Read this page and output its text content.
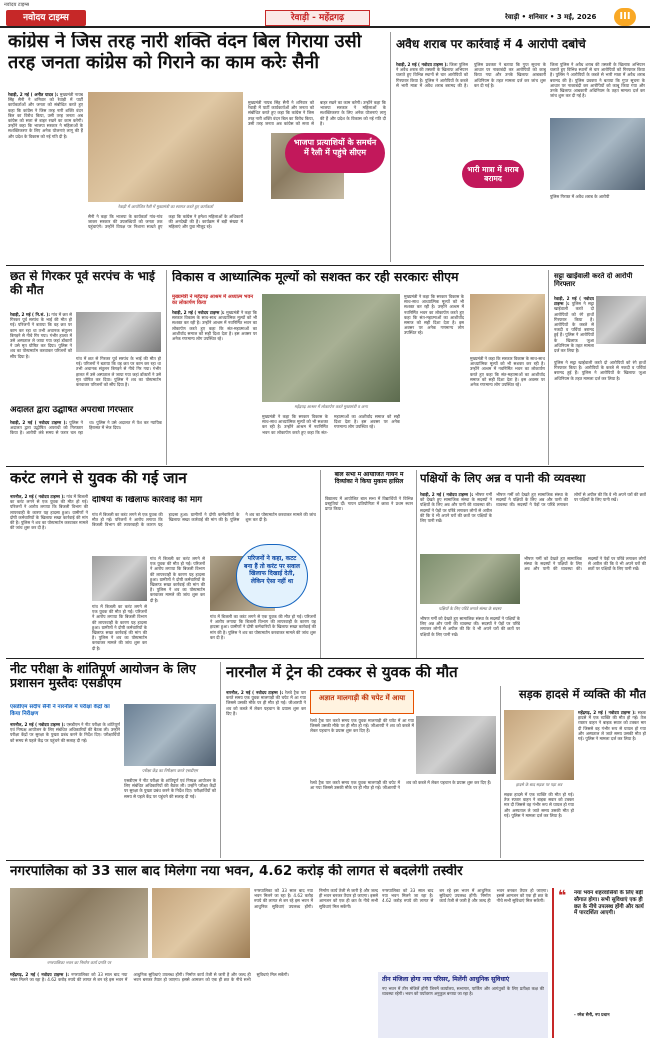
नवोदय टाइम्स
नवोदय टाइम्स	रेवाड़ी - महेंद्रगढ़	रेवाड़ी • शनिवार • 3 मई, 2026	III
कांग्रेस ने जिस तरह नारी शक्ति वंदन बिल गिराया उसी तरह जनता कांग्रेस को गिराने का काम करेः सैनी
रेवाड़ी, 2 मई ( अनीत यादव ): मुख्यमंत्री नायब सिंह सैनी ने शनिवार को रेवाड़ी में पार्टी कार्यकर्ताओं और जनता को संबोधित करते हुए कहा कि कांग्रेस ने जिस तरह नारी शक्ति वंदन बिल का विरोध किया, उसी तरह जनता अब कांग्रेस को सत्ता से बाहर रखने का काम करेगी। उन्होंने कहा कि भाजपा सरकार ने महिलाओं के सशक्तिकरण के लिए अनेक योजनाएं लागू की हैं और प्रदेश के विकास को नई गति दी है।
रेवाड़ी में आयोजित रैली में मुख्यमंत्री का स्वागत करते हुए कार्यकर्ता
सैनी ने कहा कि भाजपा के कार्यकर्ता गांव-गांव जाकर सरकार की उपलब्धियों को जनता तक पहुंचाएंगे। उन्होंने विपक्ष पर निशाना साधते हुए कहा कि कांग्रेस ने हमेशा महिलाओं के अधिकारों की अनदेखी की है। कार्यक्रम में बड़ी संख्या में महिलाएं और युवा मौजूद रहे।
मुख्यमंत्री नायब सिंह सैनी ने शनिवार को रेवाड़ी में पार्टी कार्यकर्ताओं और जनता को संबोधित करते हुए कहा कि कांग्रेस ने जिस तरह नारी शक्ति वंदन बिल का विरोध किया, उसी तरह जनता अब कांग्रेस को सत्ता से बाहर रखने का काम करेगी। उन्होंने कहा कि भाजपा सरकार ने महिलाओं के सशक्तिकरण के लिए अनेक योजनाएं लागू की हैं और प्रदेश के विकास को नई गति दी है।
भाजपा प्रत्याशियों के समर्थन में रैली में पहुंचे सीएम
अवैध शराब पर कार्रवाई में 4 आरोपी दबोचे
रेवाड़ी, 2 मई ( नवोदय टाइम्स ): जिला पुलिस ने अवैध शराब की तस्करी के खिलाफ अभियान चलाते हुए विभिन्न स्थानों से चार आरोपियों को गिरफ्तार किया है। पुलिस ने आरोपियों के कब्जे से भारी मात्रा में अवैध शराब बरामद की है। पुलिस प्रवक्ता ने बताया कि गुप्त सूचना के आधार पर नाकाबंदी कर आरोपियों को काबू किया गया और उनके खिलाफ आबकारी अधिनियम के तहत मामला दर्ज कर जांच शुरू कर दी गई है।
भारी मात्रा में शराब बरामद
जिला पुलिस ने अवैध शराब की तस्करी के खिलाफ अभियान चलाते हुए विभिन्न स्थानों से चार आरोपियों को गिरफ्तार किया है। पुलिस ने आरोपियों के कब्जे से भारी मात्रा में अवैध शराब बरामद की है। पुलिस प्रवक्ता ने बताया कि गुप्त सूचना के आधार पर नाकाबंदी कर आरोपियों को काबू किया गया और उनके खिलाफ आबकारी अधिनियम के तहत मामला दर्ज कर जांच शुरू कर दी गई है।
पुलिस गिरफ्त में अवैध शराब के आरोपी
छत से गिरकर पूर्व सरपंच के भाई की मौत
रेवाड़ी, 2 मई ( नि.सं. ): गांव में छत से गिरकर पूर्व सरपंच के भाई की मौत हो गई। परिजनों ने बताया कि वह छत पर काम कर रहा था तभी अचानक संतुलन बिगड़ने से नीचे गिर गया। गंभीर हालत में उसे अस्पताल ले जाया गया जहां डॉक्टरों ने उसे मृत घोषित कर दिया। पुलिस ने शव का पोस्टमार्टम करवाकर परिजनों को सौंप दिया है।	गांव में छत से गिरकर पूर्व सरपंच के भाई की मौत हो गई। परिजनों ने बताया कि वह छत पर काम कर रहा था तभी अचानक संतुलन बिगड़ने से नीचे गिर गया। गंभीर हालत में उसे अस्पताल ले जाया गया जहां डॉक्टरों ने उसे मृत घोषित कर दिया। पुलिस ने शव का पोस्टमार्टम करवाकर परिजनों को सौंप दिया है।
अदालत द्वारा उद्घोषित अपराधी गिरफ्तार
रेवाड़ी, 2 मई ( नवोदय टाइम्स ): पुलिस ने अदालत द्वारा उद्घोषित अपराधी को गिरफ्तार किया है। आरोपी लंबे समय से फरार चल रहा था। पुलिस ने उसे अदालत में पेश कर न्यायिक हिरासत में भेज दिया।
विकास व आध्यात्मिक मूल्यों को सशक्त कर रही सरकारः सीएम
मुख्यमंत्री ने महेंद्रगढ़ आश्रम में अध्यात्म भवन का लोकार्पण किया
रेवाड़ी, 2 मई ( नवोदय टाइम्स ): मुख्यमंत्री ने कहा कि सरकार विकास के साथ-साथ आध्यात्मिक मूल्यों को भी सशक्त कर रही है। उन्होंने आश्रम में नवनिर्मित भवन का लोकार्पण करते हुए कहा कि संत-महात्माओं का आशीर्वाद समाज को सही दिशा देता है। इस अवसर पर अनेक गणमान्य लोग उपस्थित रहे।
महेंद्रगढ़ आश्रम में लोकार्पण करते मुख्यमंत्री व अन्य
मुख्यमंत्री ने कहा कि सरकार विकास के साथ-साथ आध्यात्मिक मूल्यों को भी सशक्त कर रही है। उन्होंने आश्रम में नवनिर्मित भवन का लोकार्पण करते हुए कहा कि संत-महात्माओं का आशीर्वाद समाज को सही दिशा देता है। इस अवसर पर अनेक गणमान्य लोग उपस्थित रहे।
मुख्यमंत्री ने कहा कि सरकार विकास के साथ-साथ आध्यात्मिक मूल्यों को भी सशक्त कर रही है। उन्होंने आश्रम में नवनिर्मित भवन का लोकार्पण करते हुए कहा कि संत-महात्माओं का आशीर्वाद समाज को सही दिशा देता है। इस अवसर पर अनेक गणमान्य लोग उपस्थित रहे।
मुख्यमंत्री ने कहा कि सरकार विकास के साथ-साथ आध्यात्मिक मूल्यों को भी सशक्त कर रही है। उन्होंने आश्रम में नवनिर्मित भवन का लोकार्पण करते हुए कहा कि संत-महात्माओं का आशीर्वाद समाज को सही दिशा देता है। इस अवसर पर अनेक गणमान्य लोग उपस्थित रहे।
सट्टा खाईवाली करते दो आरोपी गिरफ्तार
रेवाड़ी, 2 मई ( नवोदय टाइम्स ): पुलिस ने सट्टा खाईवाली करते दो आरोपियों को रंगे हाथों गिरफ्तार किया है। आरोपियों के कब्जे से नकदी व पर्चियां बरामद हुई हैं। पुलिस ने आरोपियों के खिलाफ जुआ अधिनियम के तहत मामला दर्ज कर लिया है।
पुलिस ने सट्टा खाईवाली करते दो आरोपियों को रंगे हाथों गिरफ्तार किया है। आरोपियों के कब्जे से नकदी व पर्चियां बरामद हुई हैं। पुलिस ने आरोपियों के खिलाफ जुआ अधिनियम के तहत मामला दर्ज कर लिया है।
करंट लगने से युवक की गई जान
नारनौल, 2 मई ( नवोदय टाइम्स ): गांव में बिजली का करंट लगने से एक युवक की मौत हो गई। परिजनों ने आरोप लगाया कि बिजली विभाग की लापरवाही के कारण यह हादसा हुआ। ग्रामीणों ने दोषी कर्मचारियों के खिलाफ सख्त कार्रवाई की मांग की है। पुलिस ने शव का पोस्टमार्टम करवाकर मामले की जांच शुरू कर दी है।
दोषियों के खिलाफ कार्रवाई की मांग
गांव में बिजली का करंट लगने से एक युवक की मौत हो गई। परिजनों ने आरोप लगाया कि बिजली विभाग की लापरवाही के कारण यह हादसा हुआ। ग्रामीणों ने दोषी कर्मचारियों के खिलाफ सख्त कार्रवाई की मांग की है। पुलिस ने शव का पोस्टमार्टम करवाकर मामले की जांच शुरू कर दी है।
गांव में बिजली का करंट लगने से एक युवक की मौत हो गई। परिजनों ने आरोप लगाया कि बिजली विभाग की लापरवाही के कारण यह हादसा हुआ। ग्रामीणों ने दोषी कर्मचारियों के खिलाफ सख्त कार्रवाई की मांग की है। पुलिस ने शव का पोस्टमार्टम करवाकर मामले की जांच शुरू कर दी है।
गांव में बिजली का करंट लगने से एक युवक की मौत हो गई। परिजनों ने आरोप लगाया कि बिजली विभाग की लापरवाही के कारण यह हादसा हुआ। ग्रामीणों ने दोषी कर्मचारियों के खिलाफ सख्त कार्रवाई की मांग की है। पुलिस ने शव का पोस्टमार्टम करवाकर मामले की जांच शुरू कर दी है।
गांव में बिजली का करंट लगने से एक युवक की मौत हो गई। परिजनों ने आरोप लगाया कि बिजली विभाग की लापरवाही के कारण यह हादसा हुआ। ग्रामीणों ने दोषी कर्मचारियों के खिलाफ सख्त कार्रवाई की मांग की है। पुलिस ने शव का पोस्टमार्टम करवाकर मामले की जांच शुरू कर दी है।
परिजनों ने कहा, कटट बना हैं तो करंट पर सवाल खिलाफ दिखाई देती, लेकिन ऐसा नहीं था
बाल सभा में आयोजित गायन में दिव्यांका ने किया मुकाम हासिल
विद्यालय में आयोजित बाल सभा में विद्यार्थियों ने विभिन्न प्रस्तुतियां दीं। गायन प्रतियोगिता में छात्रा ने प्रथम स्थान प्राप्त किया।
पक्षियों के लिए अन्न व पानी की व्यवस्था
रेवाड़ी, 2 मई ( नवोदय टाइम्स ): भीषण गर्मी को देखते हुए सामाजिक संस्था के सदस्यों ने पक्षियों के लिए अन्न और पानी की व्यवस्था की। सदस्यों ने पेड़ों पर परिंडे लगाकर लोगों से अपील की कि वे भी अपने घरों की छतों पर पक्षियों के लिए पानी रखें।
भीषण गर्मी को देखते हुए सामाजिक संस्था के सदस्यों ने पक्षियों के लिए अन्न और पानी की व्यवस्था की। सदस्यों ने पेड़ों पर परिंडे लगाकर लोगों से अपील की कि वे भी अपने घरों की छतों पर पक्षियों के लिए पानी रखें।
पक्षियों के लिए परिंडे लगाते संस्था के सदस्य
भीषण गर्मी को देखते हुए सामाजिक संस्था के सदस्यों ने पक्षियों के लिए अन्न और पानी की व्यवस्था की। सदस्यों ने पेड़ों पर परिंडे लगाकर लोगों से अपील की कि वे भी अपने घरों की छतों पर पक्षियों के लिए पानी रखें।
भीषण गर्मी को देखते हुए सामाजिक संस्था के सदस्यों ने पक्षियों के लिए अन्न और पानी की व्यवस्था की। सदस्यों ने पेड़ों पर परिंडे लगाकर लोगों से अपील की कि वे भी अपने घरों की छतों पर पक्षियों के लिए पानी रखें।
नीट परीक्षा के शांतिपूर्ण आयोजन के लिए प्रशासन मुस्तैदः एसडीएम
एसडीएम संदीप सैनी ने नारनौल में परीक्षा केंद्रों का किया निरीक्षण
नारनौल, 2 मई ( नवोदय टाइम्स ): एसडीएम ने नीट परीक्षा के शांतिपूर्ण एवं निष्पक्ष आयोजन के लिए संबंधित अधिकारियों की बैठक ली। उन्होंने परीक्षा केंद्रों पर सुरक्षा के पुख्ता प्रबंध करने के निर्देश दिए। परीक्षार्थियों को समय से पहले केंद्र पर पहुंचने की सलाह दी गई।
परीक्षा केंद्र का निरीक्षण करते एसडीएम
एसडीएम ने नीट परीक्षा के शांतिपूर्ण एवं निष्पक्ष आयोजन के लिए संबंधित अधिकारियों की बैठक ली। उन्होंने परीक्षा केंद्रों पर सुरक्षा के पुख्ता प्रबंध करने के निर्देश दिए। परीक्षार्थियों को समय से पहले केंद्र पर पहुंचने की सलाह दी गई।
नारनौल में ट्रेन की टक्कर से युवक की मौत
नारनौल, 2 मई ( नवोदय टाइम्स ): रेलवे ट्रैक पार करते समय एक युवक मालगाड़ी की चपेट में आ गया जिससे उसकी मौके पर ही मौत हो गई। जीआरपी ने शव को कब्जे में लेकर पहचान के प्रयास शुरू कर दिए हैं।
अज्ञात मालगाड़ी की चपेट में आया
रेलवे ट्रैक पार करते समय एक युवक मालगाड़ी की चपेट में आ गया जिससे उसकी मौके पर ही मौत हो गई। जीआरपी ने शव को कब्जे में लेकर पहचान के प्रयास शुरू कर दिए हैं।
रेलवे ट्रैक पार करते समय एक युवक मालगाड़ी की चपेट में आ गया जिससे उसकी मौके पर ही मौत हो गई। जीआरपी ने शव को कब्जे में लेकर पहचान के प्रयास शुरू कर दिए हैं।
सड़क हादसे में व्यक्ति की मौत
हादसे के बाद सड़क पर पड़ा शव
महेंद्रगढ़, 2 मई ( नवोदय टाइम्स ): सड़क हादसे में एक व्यक्ति की मौत हो गई। तेज रफ्तार वाहन ने बाइक सवार को टक्कर मार दी जिससे वह गंभीर रूप से घायल हो गया और अस्पताल ले जाते समय उसकी मौत हो गई। पुलिस ने मामला दर्ज कर लिया है।
सड़क हादसे में एक व्यक्ति की मौत हो गई। तेज रफ्तार वाहन ने बाइक सवार को टक्कर मार दी जिससे वह गंभीर रूप से घायल हो गया और अस्पताल ले जाते समय उसकी मौत हो गई। पुलिस ने मामला दर्ज कर लिया है।
नगरपालिका को 33 साल बाद मिलेगा नया भवन, 4.62 करोड़ की लागत से बदलेगी तस्वीर
नगरपालिका भवन का निर्माण कार्य प्रगति पर
नगरपालिका को 33 साल बाद नया भवन मिलने जा रहा है। 4.62 करोड़ रुपये की लागत से बन रहे इस भवन में आधुनिक सुविधाएं उपलब्ध होंगी। निर्माण कार्य तेजी से जारी है और जल्द ही भवन बनकर तैयार हो जाएगा। इससे आमजन को एक ही छत के नीचे सभी सुविधाएं मिल सकेंगी।
नगरपालिका को 33 साल बाद नया भवन मिलने जा रहा है। 4.62 करोड़ रुपये की लागत से बन रहे इस भवन में आधुनिक सुविधाएं उपलब्ध होंगी। निर्माण कार्य तेजी से जारी है और जल्द ही भवन बनकर तैयार हो जाएगा। इससे आमजन को एक ही छत के नीचे सभी सुविधाएं मिल सकेंगी।
महेंद्रगढ़, 2 मई ( नवोदय टाइम्स ): नगरपालिका को 33 साल बाद नया भवन मिलने जा रहा है। 4.62 करोड़ रुपये की लागत से बन रहे इस भवन में आधुनिक सुविधाएं उपलब्ध होंगी। निर्माण कार्य तेजी से जारी है और जल्द ही भवन बनकर तैयार हो जाएगा। इससे आमजन को एक ही छत के नीचे सभी सुविधाएं मिल सकेंगी।
तीन मंजिला होगा नया परिसर, मिलेंगी आधुनिक सुविधाएं
नए भवन में तीन मंजिलें होंगी जिनमें कार्यालय, सभागार, पार्किंग और आगंतुकों के लिए प्रतीक्षा कक्ष की व्यवस्था रहेगी। भवन को पर्यावरण अनुकूल बनाया जा रहा है।
❝ नया भवन शहरवासियों के लिए बड़ी सौगात होगा। सभी सुविधाएं एक ही छत के नीचे उपलब्ध होंगी और कार्य में पारदर्शिता आएगी।
- रमेश सैनी, नप प्रधान
